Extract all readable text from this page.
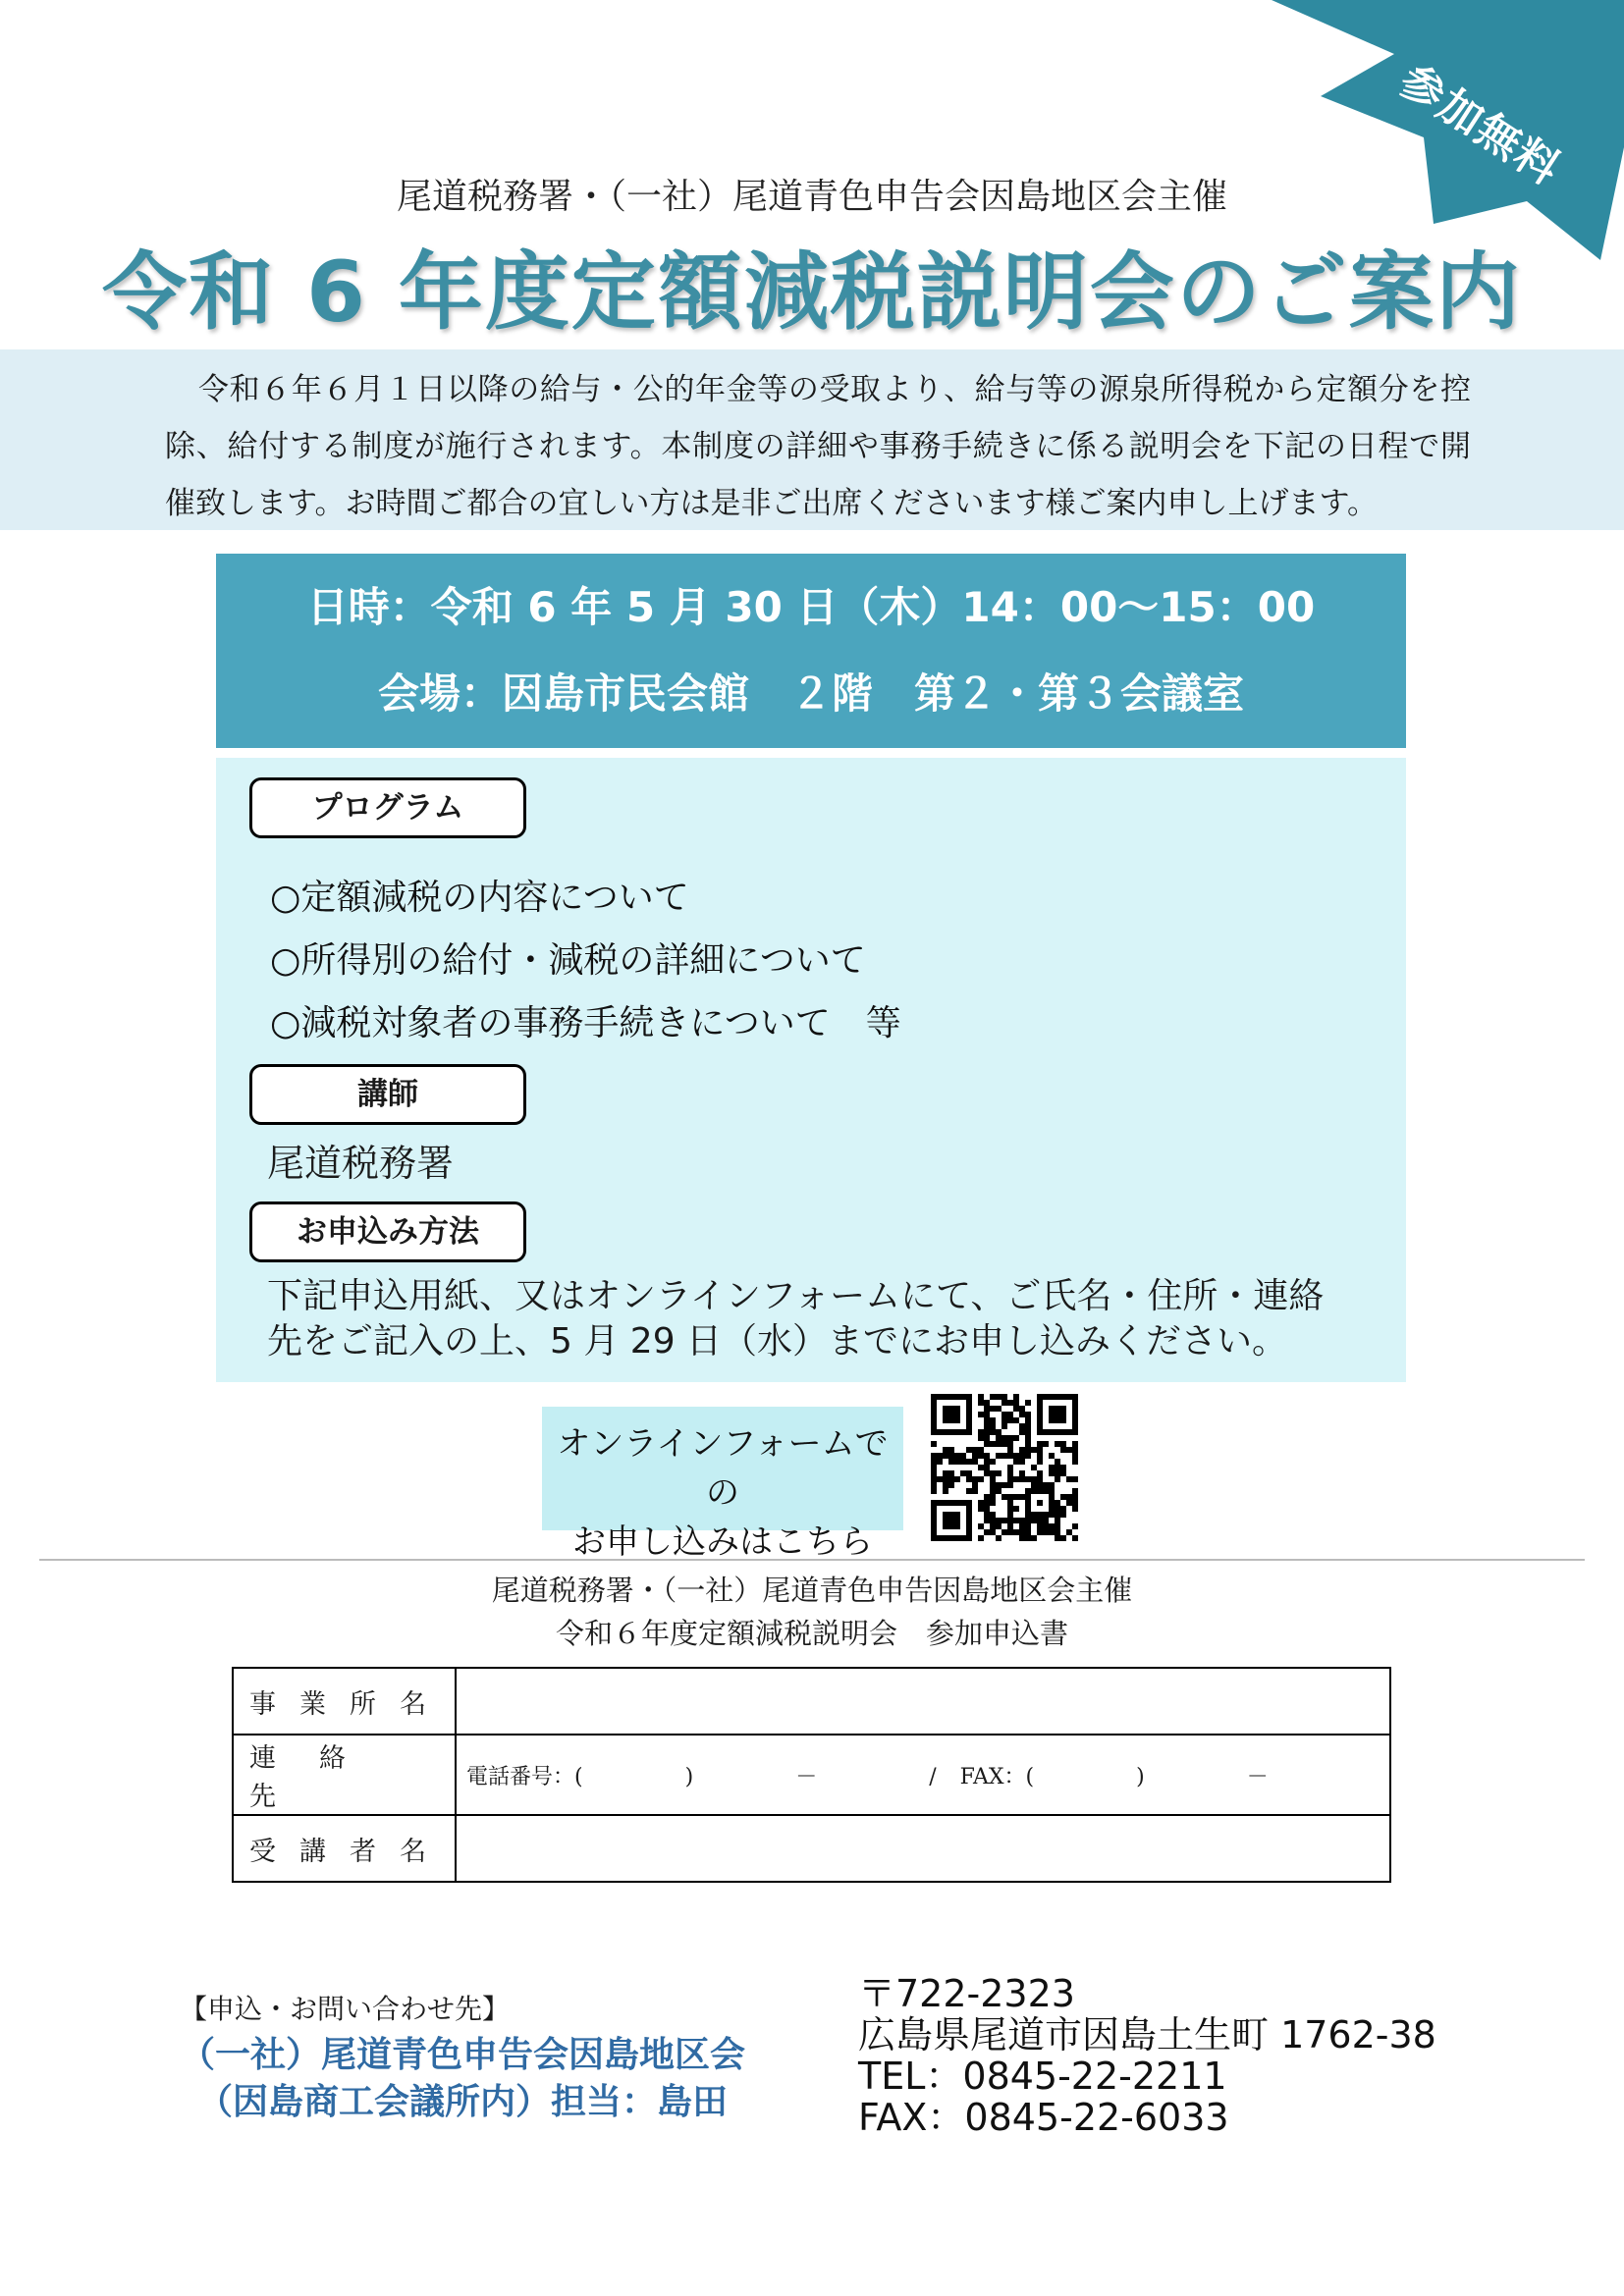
参加無料
尾道税務署・（一社）尾道青色申告会因島地区会主催
令和 6 年度定額減税説明会のご案内
令和６年６月１日以降の給与・公的年金等の受取より、給与等の源泉所得税から定額分を控除、給付する制度が施行されます。本制度の詳細や事務手続きに係る説明会を下記の日程で開催致します。お時間ご都合の宜しい方は是非ご出席くださいます様ご案内申し上げます。
日時：令和 6 年 5 月 30 日（木）14：00～15：00
会場：因島市民会館　２階　第２・第３会議室
プログラム
○定額減税の内容について
○所得別の給付・減税の詳細について
○減税対象者の事務手続きについて　等
講師
尾道税務署
お申込み方法
下記申込用紙、又はオンラインフォームにて、ご氏名・住所・連絡先をご記入の上、5 月 29 日（水）までにお申し込みください。
オンラインフォームでの
お申し込みはこちら
尾道税務署・（一社）尾道青色申告因島地区会主催
令和６年度定額減税説明会　参加申込書
事業所名	
連絡先	電話番号：( ) － / FAX：( ) －
受講者名	
【申込・お問い合わせ先】
（一社）尾道青色申告会因島地区会
（因島商工会議所内）担当：島田
〒722-2323
広島県尾道市因島土生町 1762-38
TEL：0845-22-2211
FAX：0845-22-6033
